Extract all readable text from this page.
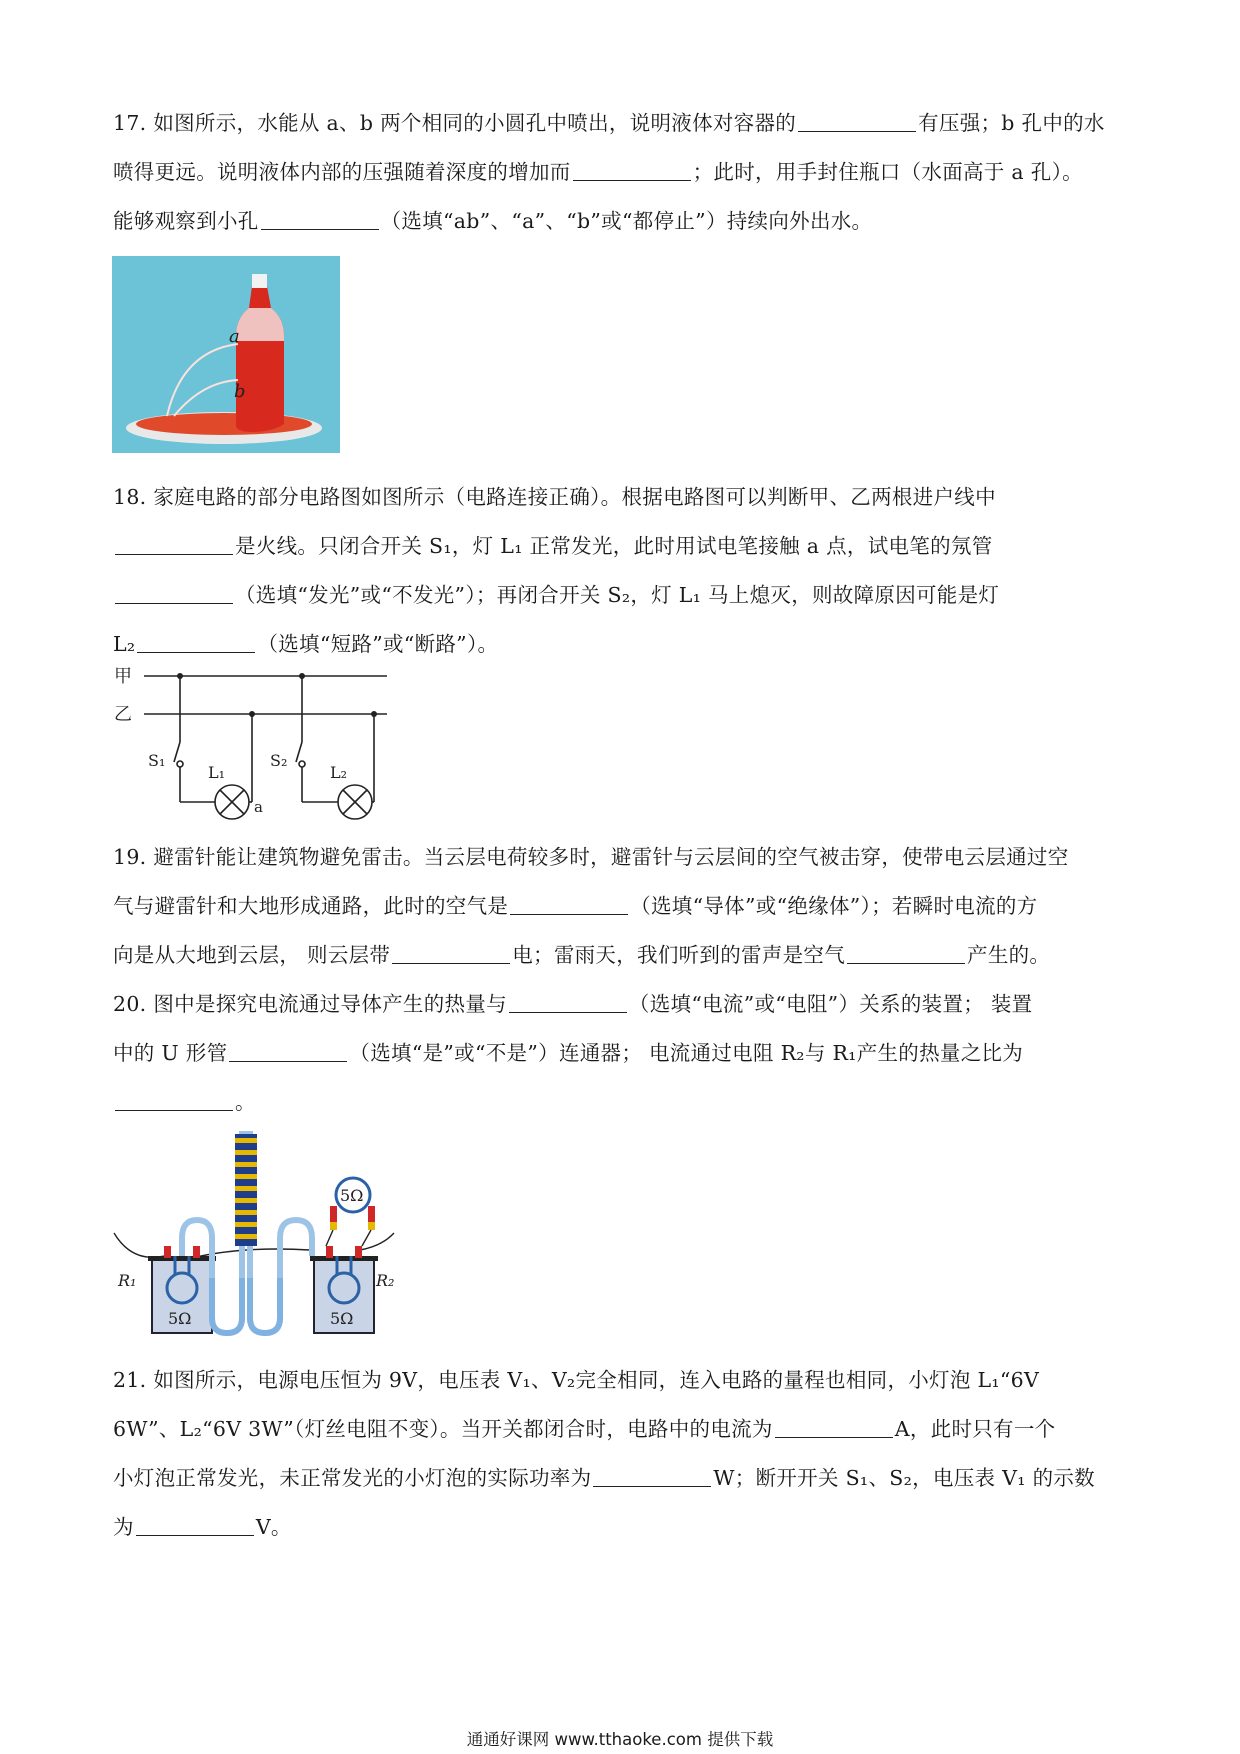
17. 如图所示，水能从 a、b 两个相同的小圆孔中喷出，说明液体对容器的	有压强；b 孔中的水
喷得更远。说明液体内部的压强随着深度的增加而	；此时，用手封住瓶口（水面高于 a 孔）。
能够观察到小孔	（选填“ab”、“a”、“b”或“都停止”）持续向外出水。
a
b
18. 家庭电路的部分电路图如图所示（电路连接正确）。根据电路图可以判断甲、乙两根进户线中
是火线。只闭合开关 S₁，灯 L₁ 正常发光，此时用试电笔接触 a 点，试电笔的氖管
（选填“发光”或“不发光”）；再闭合开关 S₂，灯 L₁ 马上熄灭，则故障原因可能是灯
L₂	（选填“短路”或“断路”）。
甲
乙
S₁
L₁
S₂
L₂
a
19. 避雷针能让建筑物避免雷击。当云层电荷较多时，避雷针与云层间的空气被击穿，使带电云层通过空
气与避雷针和大地形成通路，此时的空气是	（选填“导体”或“绝缘体”）；若瞬时电流的方
向是从大地到云层， 则云层带	电；雷雨天，我们听到的雷声是空气	产生的。
20. 图中是探究电流通过导体产生的热量与	（选填“电流”或“电阻”）关系的装置； 装置
中的 U 形管	（选填“是”或“不是”）连通器； 电流通过电阻 R₂与 R₁产生的热量之比为
。
R₁	R₂
5Ω	5Ω
5Ω
21. 如图所示，电源电压恒为 9V，电压表 V₁、V₂完全相同，连入电路的量程也相同，小灯泡 L₁“6V
6W”、L₂“6V 3W”（灯丝电阻不变）。当开关都闭合时，电路中的电流为	A，此时只有一个
小灯泡正常发光，未正常发光的小灯泡的实际功率为	W；断开开关 S₁、S₂，电压表 V₁ 的示数
为	V。
通通好课网 www.tthaoke.com 提供下载
